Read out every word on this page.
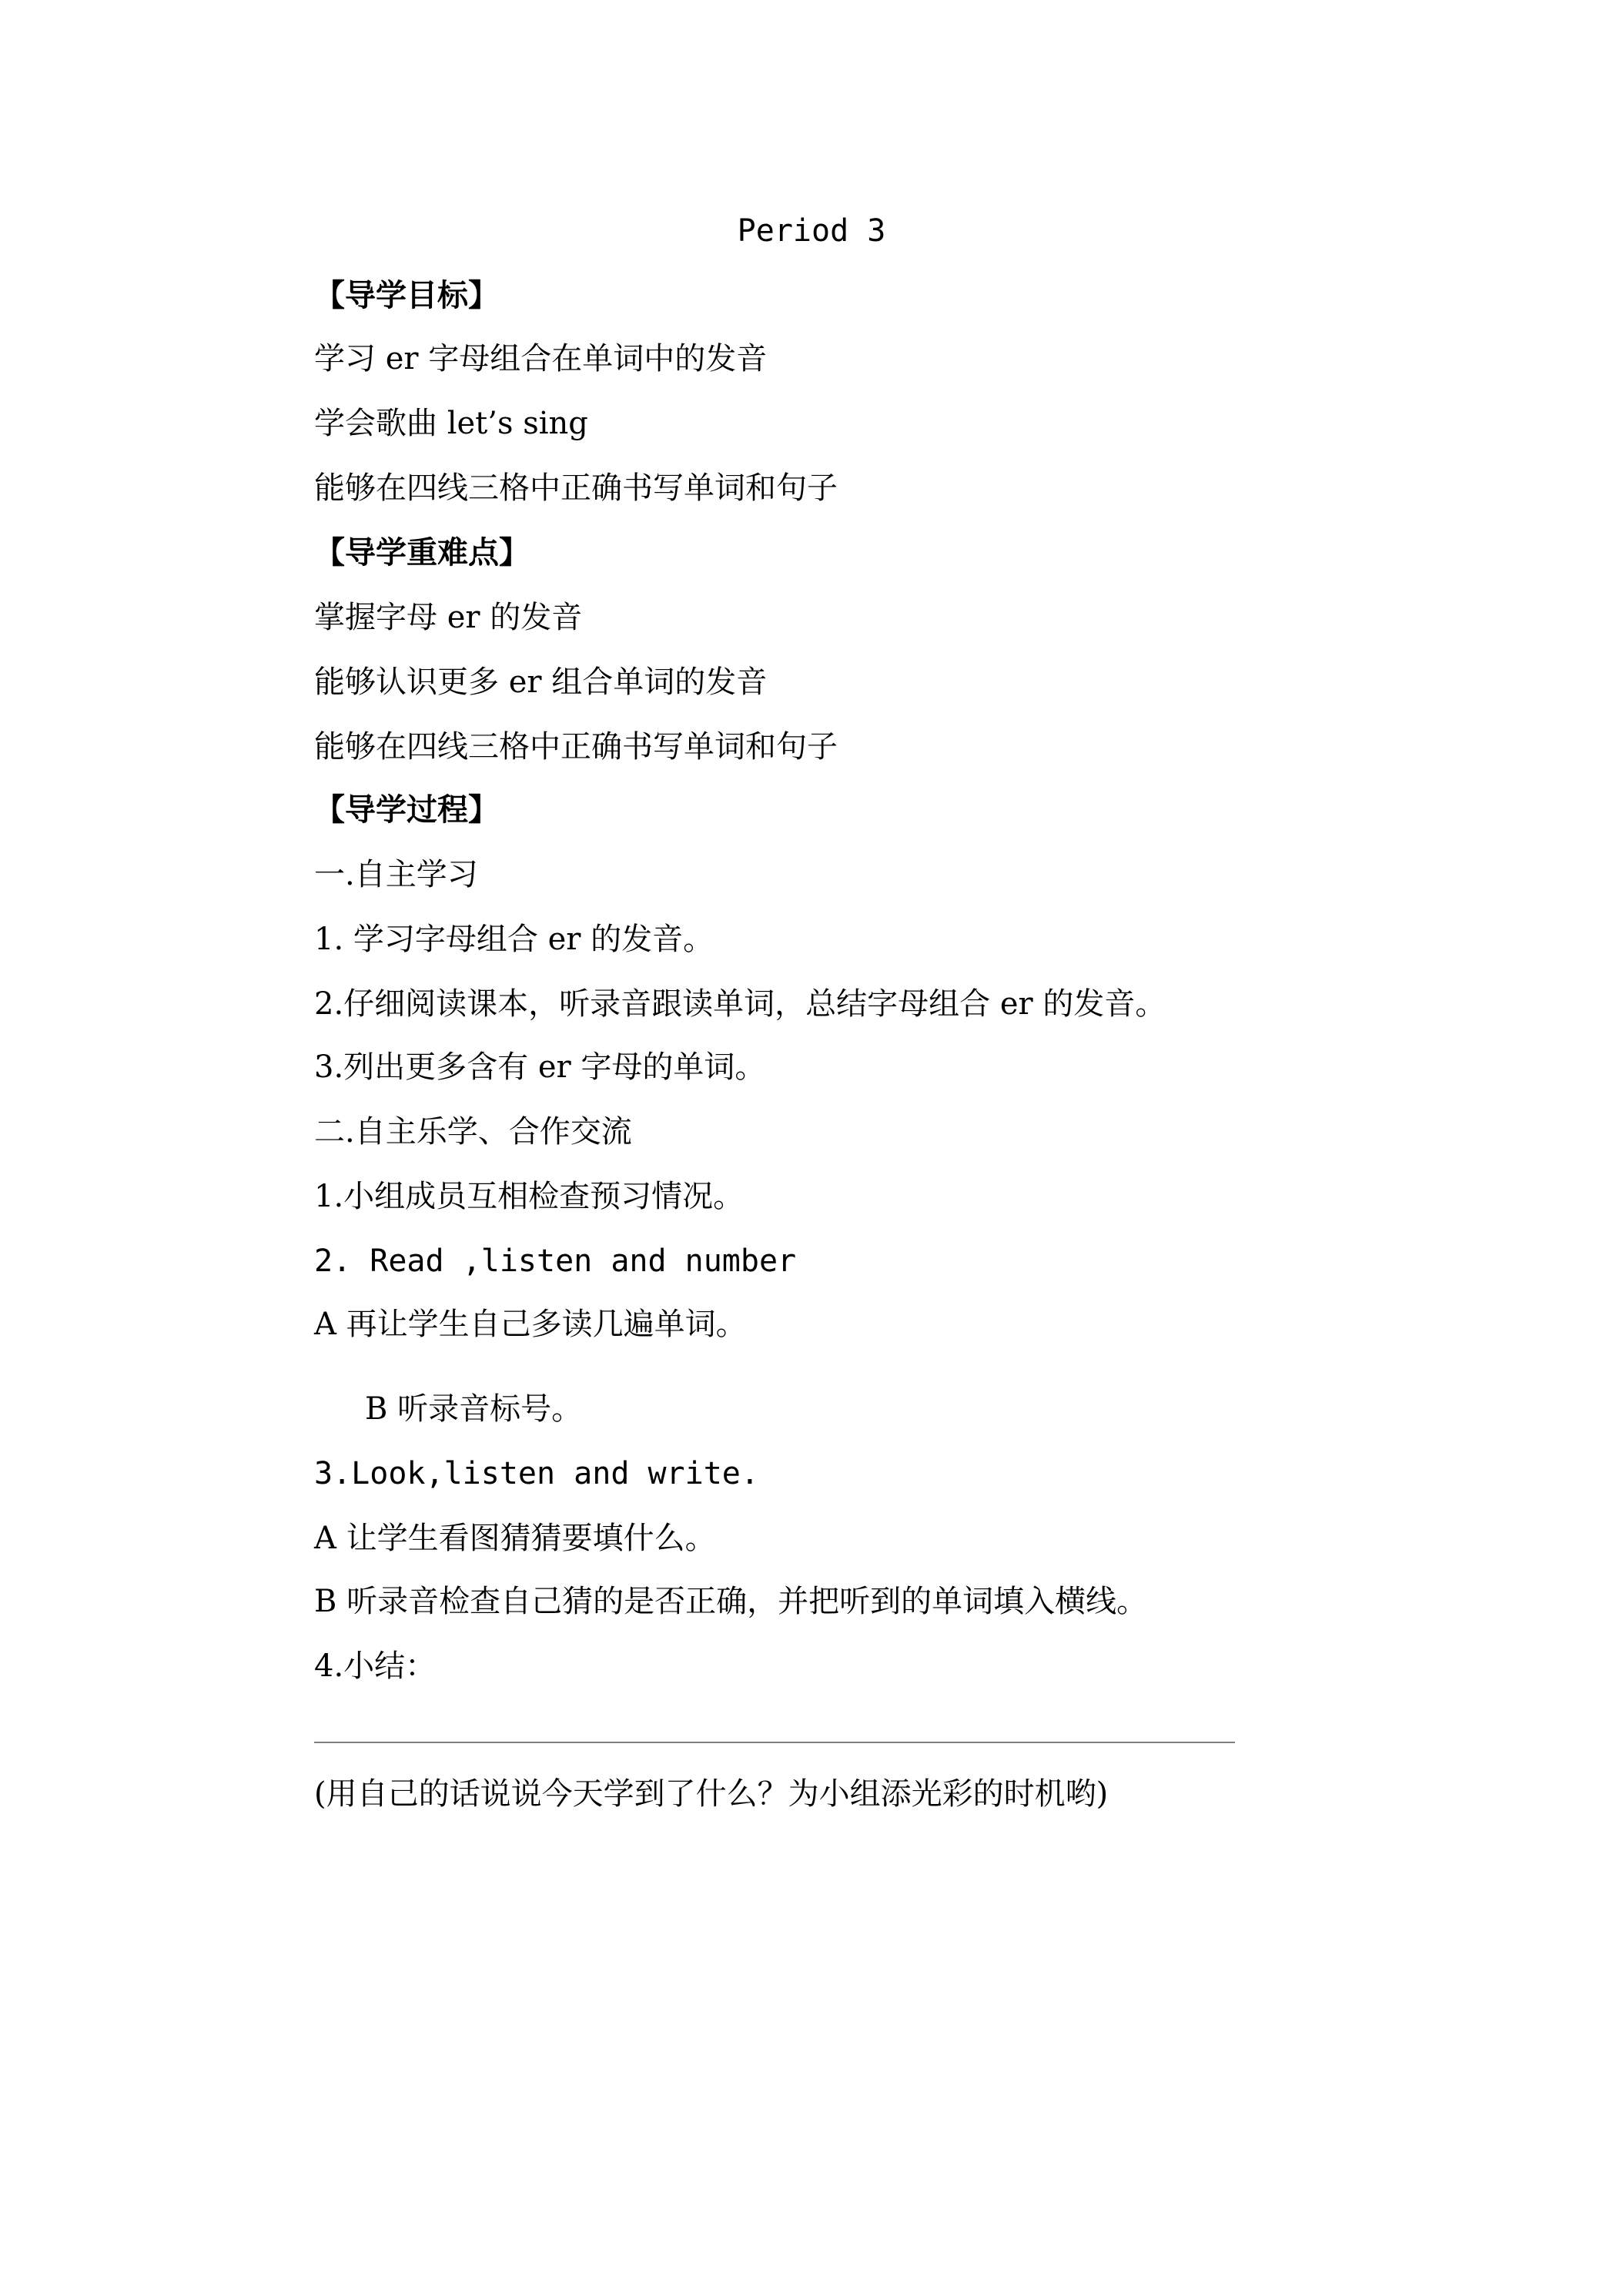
Period 3
【导学目标】
学习 er 字母组合在单词中的发音
学会歌曲 let’s sing
能够在四线三格中正确书写单词和句子
【导学重难点】
掌握字母 er 的发音
能够认识更多 er 组合单词的发音
能够在四线三格中正确书写单词和句子
【导学过程】
一.自主学习
1. 学习字母组合 er 的发音。
2.仔细阅读课本，听录音跟读单词，总结字母组合 er 的发音。
3.列出更多含有 er 字母的单词。
二.自主乐学、合作交流
1.小组成员互相检查预习情况。
2. Read ,listen and number
A 再让学生自己多读几遍单词。
B 听录音标号。
3.Look,listen and write.
A 让学生看图猜猜要填什么。
B 听录音检查自己猜的是否正确，并把听到的单词填入横线。
4.小结：
(用自己的话说说今天学到了什么？为小组添光彩的时机哟)
